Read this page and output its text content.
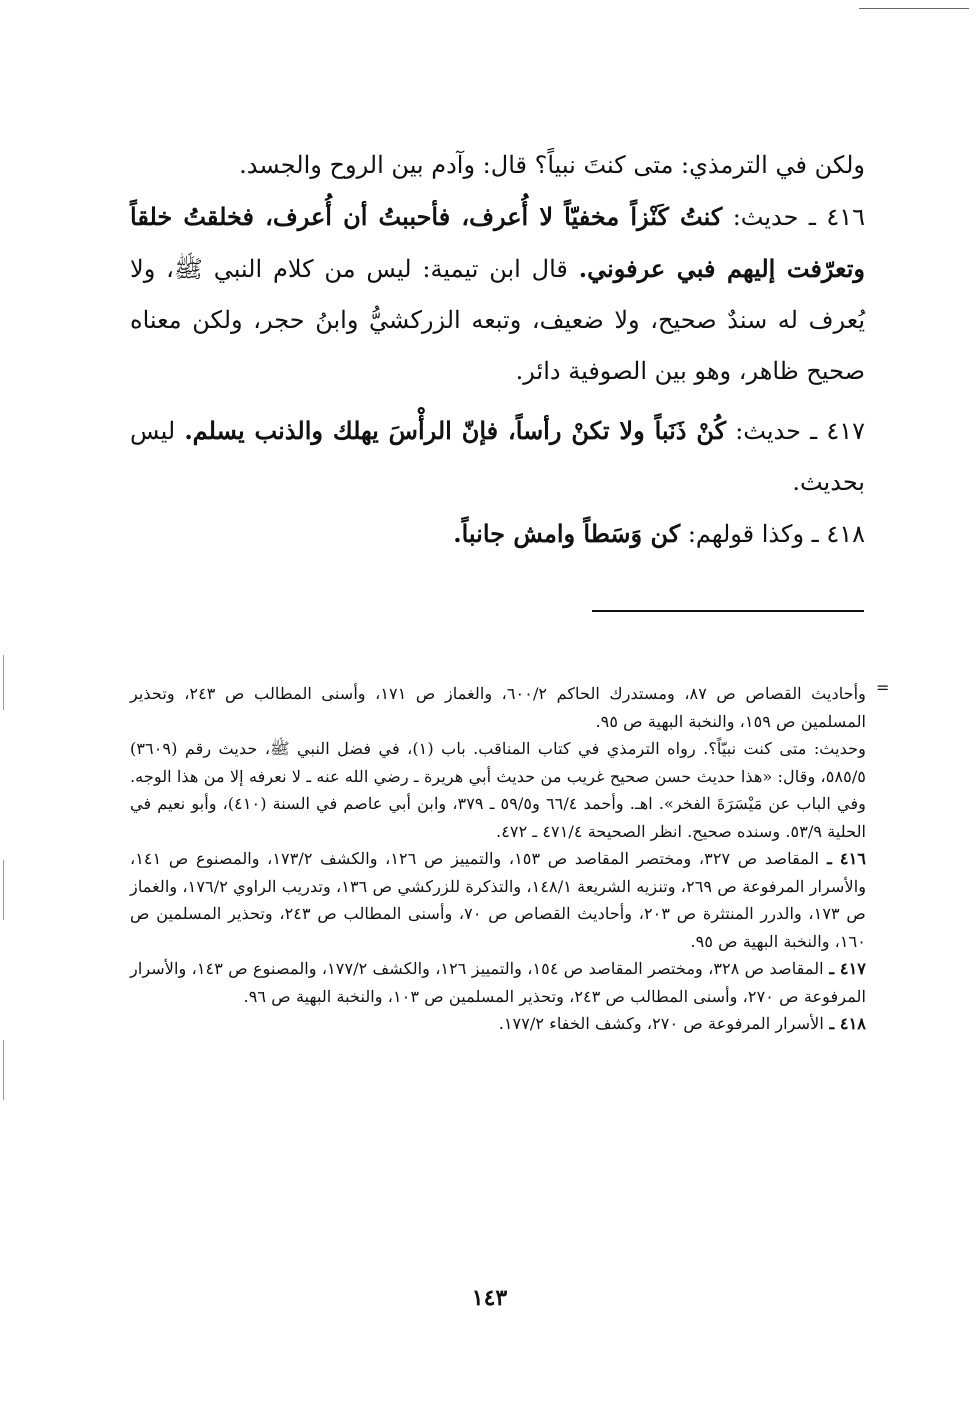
ولكن في الترمذي: متى كنتَ نبياً؟ قال: وآدم بين الروح والجسد.

٤١٦ ـ حديث: كنتُ كَنْزاً مخفيّاً لا أُعرف، فأحببتُ أن أُعرف، فخلقتُ خلقاً وتعرّفت إليهم فبي عرفوني. قال ابن تيمية: ليس من كلام النبي ﷺ، ولا يُعرف له سندٌ صحيح، ولا ضعيف، وتبعه الزركشيُّ وابنُ حجر، ولكن معناه صحيح ظاهر، وهو بين الصوفية دائر.

٤١٧ ـ حديث: كُنْ ذَنَباً ولا تكنْ رأساً، فإنّ الرأْسَ يهلك والذنب يسلم. ليس بحديث.

٤١٨ ـ وكذا قولهم: كن وَسَطاً وامش جانباً.

=

وأحاديث القصاص ص ٨٧، ومستدرك الحاكم ٦٠٠/٢، والغماز ص ١٧١، وأسنى المطالب ص ٢٤٣، وتحذير المسلمين ص ١٥٩، والنخبة البهية ص ٩٥.

وحديث: متى كنت نبيّاً؟. رواه الترمذي في كتاب المناقب. باب (١)، في فضل النبي ﷺ، حديث رقم (٣٦٠٩) ٥٨٥/٥، وقال: «هذا حديث حسن صحيح غريب من حديث أبي هريرة ـ رضي الله عنه ـ لا نعرفه إلا من هذا الوجه. وفي الباب عن مَيْسَرَةَ الفخر». اهـ. وأحمد ٦٦/٤ و٥٩/٥ ـ ٣٧٩، وابن أبي عاصم في السنة (٤١٠)، وأبو نعيم في الحلية ٥٣/٩. وسنده صحيح. انظر الصحيحة ٤٧١/٤ ـ ٤٧٢.

٤١٦ ـ المقاصد ص ٣٢٧، ومختصر المقاصد ص ١٥٣، والتمييز ص ١٢٦، والكشف ١٧٣/٢، والمصنوع ص ١٤١، والأسرار المرفوعة ص ٢٦٩، وتنزيه الشريعة ١٤٨/١، والتذكرة للزركشي ص ١٣٦، وتدريب الراوي ١٧٦/٢، والغماز ص ١٧٣، والدرر المنتثرة ص ٢٠٣، وأحاديث القصاص ص ٧٠، وأسنى المطالب ص ٢٤٣، وتحذير المسلمين ص ١٦٠، والنخبة البهية ص ٩٥.

٤١٧ ـ المقاصد ص ٣٢٨، ومختصر المقاصد ص ١٥٤، والتمييز ١٢٦، والكشف ١٧٧/٢، والمصنوع ص ١٤٣، والأسرار المرفوعة ص ٢٧٠، وأسنى المطالب ص ٢٤٣، وتحذير المسلمين ص ١٠٣، والنخبة البهية ص ٩٦.

٤١٨ ـ الأسرار المرفوعة ص ٢٧٠، وكشف الخفاء ١٧٧/٢.

١٤٣
